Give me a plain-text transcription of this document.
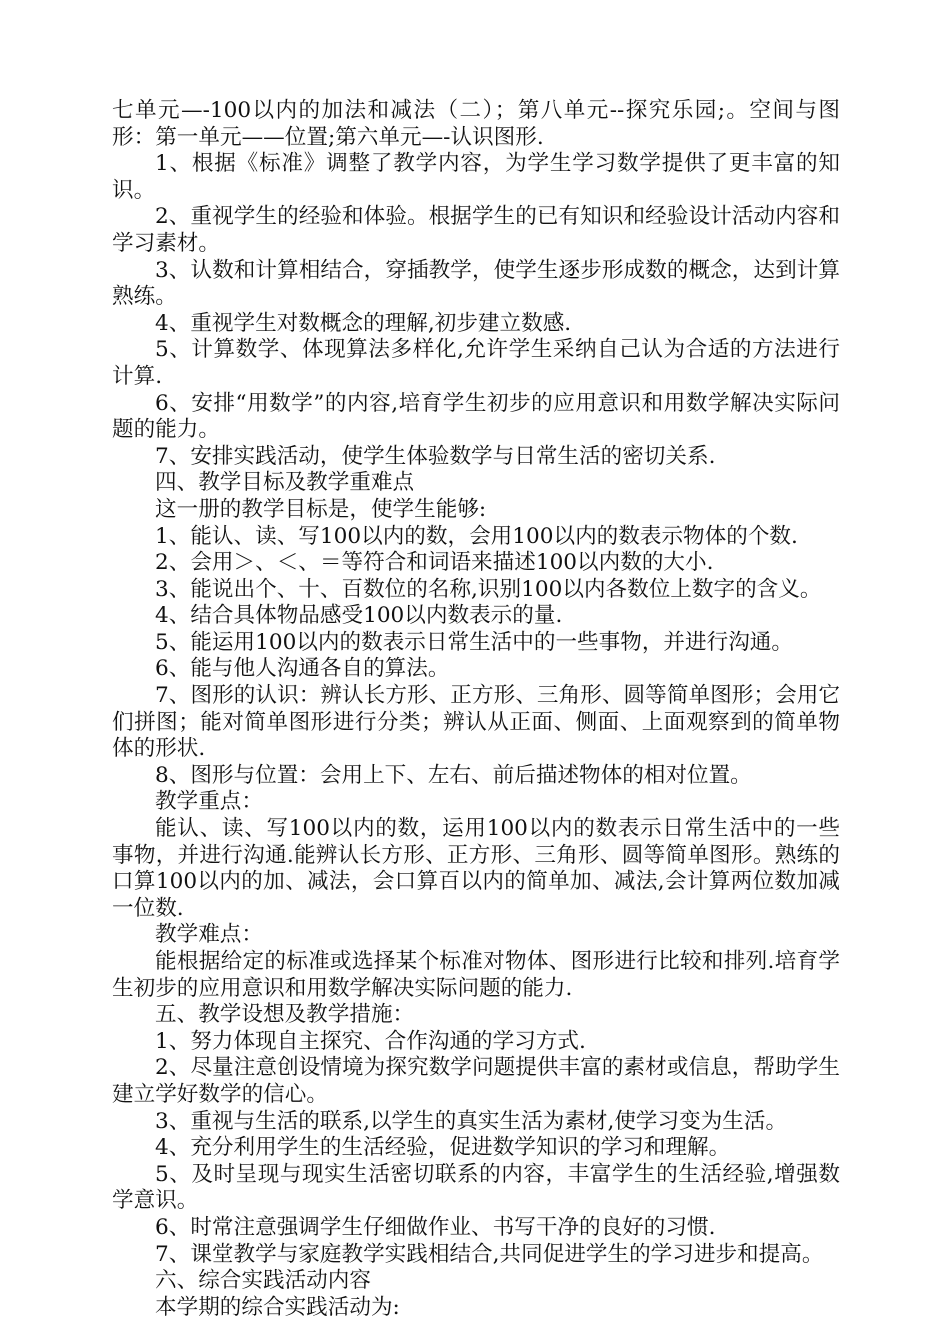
七单元—-100以内的加法和减法（二）；第八单元--探究乐园;。空间与图形：第一单元——位置;第六单元—-认识图形.

1、根据《标准》调整了教学内容，为学生学习数学提供了更丰富的知识。

2、重视学生的经验和体验。根据学生的已有知识和经验设计活动内容和学习素材。

3、认数和计算相结合，穿插教学，使学生逐步形成数的概念，达到计算熟练。

4、重视学生对数概念的理解,初步建立数感.

5、计算数学、体现算法多样化,允许学生采纳自己认为合适的方法进行计算.

6、安排“用数学”的内容,培育学生初步的应用意识和用数学解决实际问题的能力。

7、安排实践活动，使学生体验数学与日常生活的密切关系.

四、教学目标及教学重难点

这一册的教学目标是，使学生能够:

1、能认、读、写100以内的数，会用100以内的数表示物体的个数.

2、会用＞、＜、＝等符合和词语来描述100以内数的大小.

3、能说出个、十、百数位的名称,识别100以内各数位上数字的含义。

4、结合具体物品感受100以内数表示的量.

5、能运用100以内的数表示日常生活中的一些事物，并进行沟通。

6、能与他人沟通各自的算法。

7、图形的认识：辨认长方形、正方形、三角形、圆等简单图形；会用它们拼图；能对简单图形进行分类；辨认从正面、侧面、上面观察到的简单物体的形状.

8、图形与位置：会用上下、左右、前后描述物体的相对位置。

教学重点：

能认、读、写100以内的数，运用100以内的数表示日常生活中的一些事物，并进行沟通.能辨认长方形、正方形、三角形、圆等简单图形。熟练的口算100以内的加、减法，会口算百以内的简单加、减法,会计算两位数加减一位数.

教学难点：

能根据给定的标准或选择某个标准对物体、图形进行比较和排列.培育学生初步的应用意识和用数学解决实际问题的能力.

五、教学设想及教学措施：

1、努力体现自主探究、合作沟通的学习方式.

2、尽量注意创设情境为探究数学问题提供丰富的素材或信息，帮助学生建立学好数学的信心。

3、重视与生活的联系,以学生的真实生活为素材,使学习变为生活。

4、充分利用学生的生活经验，促进数学知识的学习和理解。

5、及时呈现与现实生活密切联系的内容，丰富学生的生活经验,增强数学意识。

6、时常注意强调学生仔细做作业、书写干净的良好的习惯.

7、课堂教学与家庭教学实践相结合,共同促进学生的学习进步和提高。

六、综合实践活动内容

本学期的综合实践活动为:
